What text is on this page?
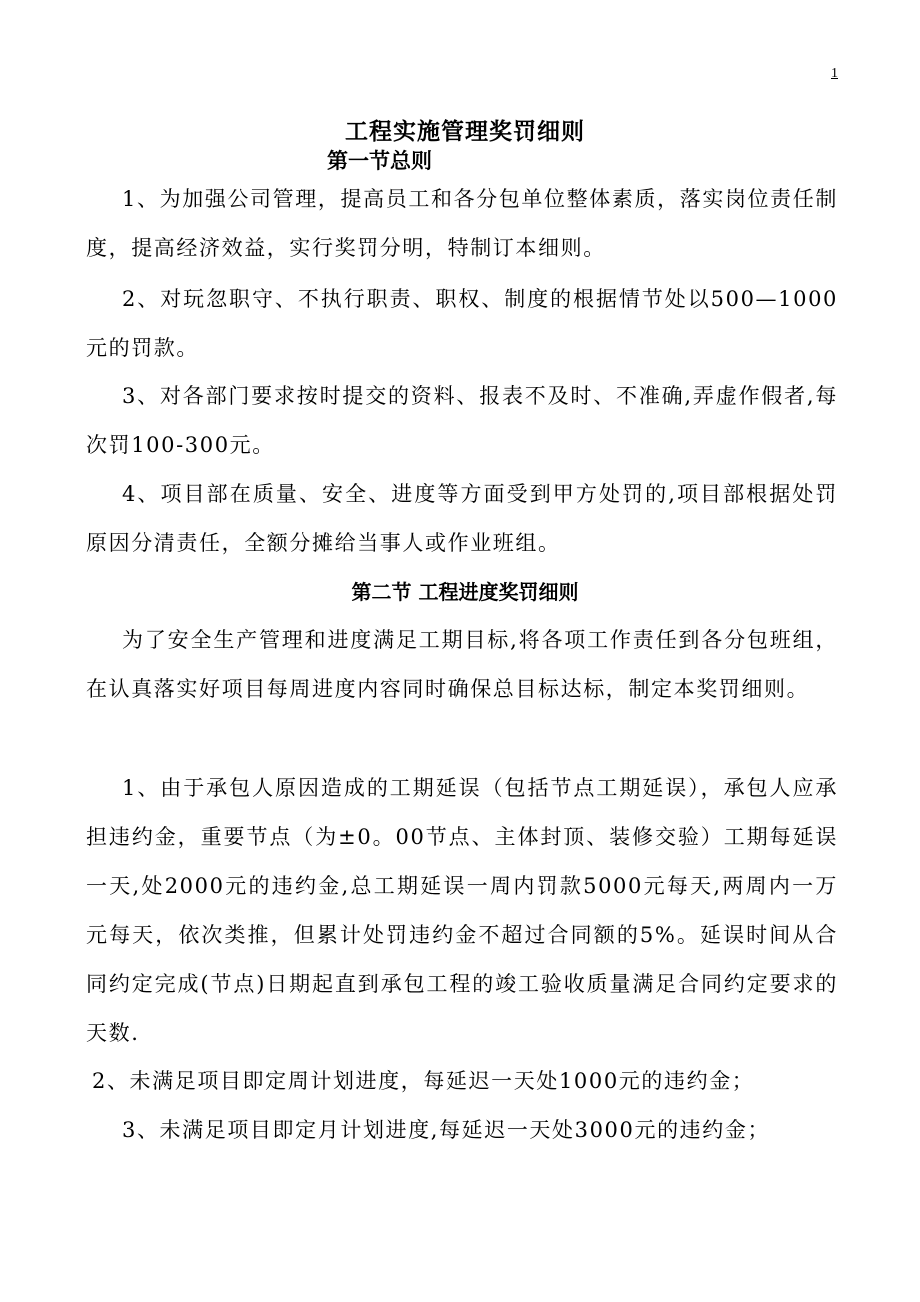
1
工程实施管理奖罚细则
第一节总则

1、为加强公司管理，提高员工和各分包单位整体素质，落实岗位责任制度，提高经济效益，实行奖罚分明，特制订本细则。

2、对玩忽职守、不执行职责、职权、制度的根据情节处以500—1000元的罚款。

3、对各部门要求按时提交的资料、报表不及时、不准确,弄虚作假者,每次罚100-300元。

4、项目部在质量、安全、进度等方面受到甲方处罚的,项目部根据处罚原因分清责任，全额分摊给当事人或作业班组。

第二节 工程进度奖罚细则

为了安全生产管理和进度满足工期目标,将各项工作责任到各分包班组，在认真落实好项目每周进度内容同时确保总目标达标，制定本奖罚细则。

1、由于承包人原因造成的工期延误（包括节点工期延误），承包人应承担违约金，重要节点（为±0。00节点、主体封顶、装修交验）工期每延误一天,处2000元的违约金,总工期延误一周内罚款5000元每天,两周内一万元每天，依次类推，但累计处罚违约金不超过合同额的5%。延误时间从合同约定完成(节点)日期起直到承包工程的竣工验收质量满足合同约定要求的天数.

2、未满足项目即定周计划进度，每延迟一天处1000元的违约金；

3、未满足项目即定月计划进度,每延迟一天处3000元的违约金；
